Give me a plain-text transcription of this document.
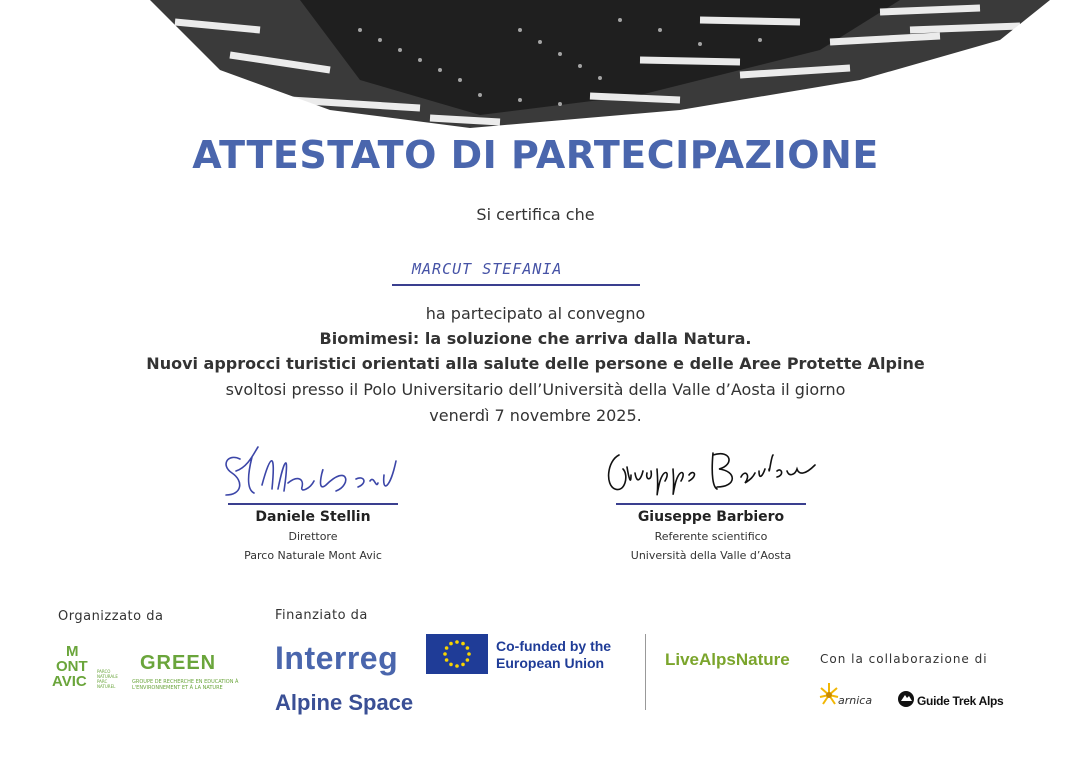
ATTESTATO DI PARTECIPAZIONE
Si certifica che
MARCUT STEFANIA
ha partecipato al convegno
Biomimesi: la soluzione che arriva dalla Natura.
Nuovi approcci turistici orientati alla salute delle persone e delle Aree Protette Alpine
svoltosi presso il Polo Universitario dell’Università della Valle d’Aosta il giorno
venerdì 7 novembre 2025.
Daniele Stellin
Direttore
Parco Naturale Mont Avic
Giuseppe Barbiero
Referente scientifico
Università della Valle d’Aosta
Organizzato da	Finanziato da
Con la collaborazione di
M
ONT
AVIC
PARCO
NATURALE
PARC
NATUREL
GREEN
GROUPE DE RECHERCHE EN EDUCATION À L'ENVIRONNEMENT ET À LA NATURE
Interreg
Alpine Space
Co-funded by the European Union	LiveAlpsNature
arnica	Guide Trek Alps
